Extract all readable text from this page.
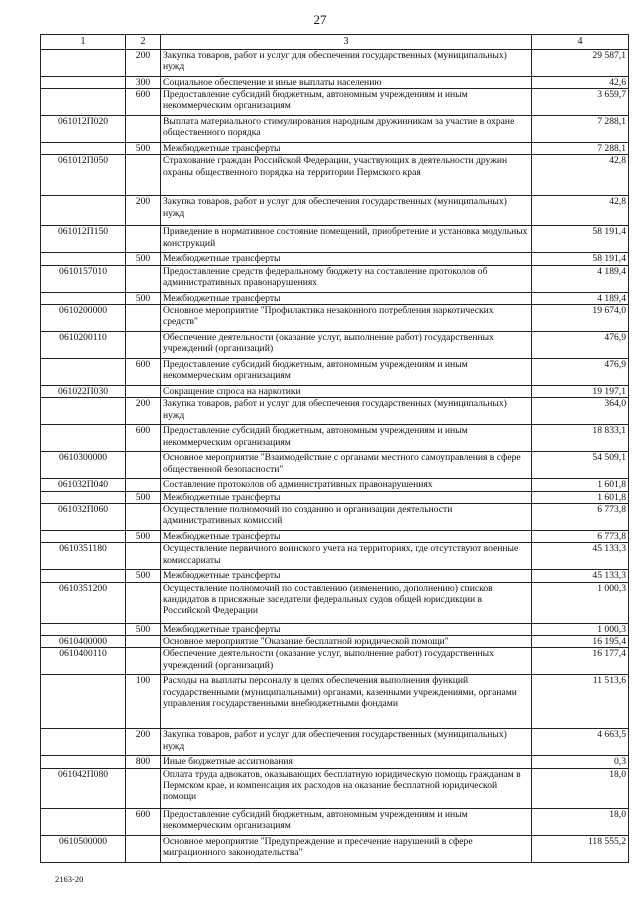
27
1	2	3	4
	200	Закупка товаров, работ и услуг для обеспечения государственных (муниципальных) нужд	29 587,1
	300	Социальное обеспечение и иные выплаты населению	42,6
	600	Предоставление субсидий бюджетным, автономным учреждениям и иным некоммерческим организациям	3 659,7
061012П020		Выплата материального стимулирования народным дружинникам за участие в охране общественного порядка	7 288,1
	500	Межбюджетные трансферты	7 288,1
061012П050		Страхование граждан Российской Федерации, участвующих в деятельности дружин охраны общественного порядка на территории Пермского края	42,8
	200	Закупка товаров, работ и услуг для обеспечения государственных (муниципальных) нужд	42,8
061012П150		Приведение в нормативное состояние помещений, приобретение и установка модульных конструкций	58 191,4
	500	Межбюджетные трансферты	58 191,4
0610157010		Предоставление средств федеральному бюджету на составление протоколов об административных правонарушениях	4 189,4
	500	Межбюджетные трансферты	4 189,4
0610200000		Основное мероприятие "Профилактика незаконного потребления наркотических средств"	19 674,0
0610200110		Обеспечение деятельности (оказание услуг, выполнение работ) государственных учреждений (организаций)	476,9
	600	Предоставление субсидий бюджетным, автономным учреждениям и иным некоммерческим организациям	476,9
061022П030		Сокращение спроса на наркотики	19 197,1
	200	Закупка товаров, работ и услуг для обеспечения государственных (муниципальных) нужд	364,0
	600	Предоставление субсидий бюджетным, автономным учреждениям и иным некоммерческим организациям	18 833,1
0610300000		Основное мероприятие "Взаимодействие с органами местного самоуправления в сфере общественной безопасности"	54 509,1
061032П040		Составление протоколов об административных правонарушениях	1 601,8
	500	Межбюджетные трансферты	1 601,8
061032П060		Осуществление полномочий по созданию и организации деятельности административных комиссий	6 773,8
	500	Межбюджетные трансферты	6 773,8
0610351180		Осуществление первичного воинского учета на территориях, где отсутствуют военные комиссариаты	45 133,3
	500	Межбюджетные трансферты	45 133,3
0610351200		Осуществление полномочий по составлению (изменению, дополнению) списков кандидатов в присяжные заседатели федеральных судов общей юрисдикции в Российской Федерации	1 000,3
	500	Межбюджетные трансферты	1 000,3
0610400000		Основное мероприятие "Оказание бесплатной юридической помощи"	16 195,4
0610400110		Обеспечение деятельности (оказание услуг, выполнение работ) государственных учреждений (организаций)	16 177,4
	100	Расходы на выплаты персоналу в целях обеспечения выполнения функций государственными (муниципальными) органами, казенными учреждениями, органами управления государственными внебюджетными фондами	11 513,6
	200	Закупка товаров, работ и услуг для обеспечения государственных (муниципальных) нужд	4 663,5
	800	Иные бюджетные ассигнования	0,3
061042П080		Оплата труда адвокатов, оказывающих бесплатную юридическую помощь гражданам в Пермском крае, и компенсация их расходов на оказание бесплатной юридической помощи	18,0
	600	Предоставление субсидий бюджетным, автономным учреждениям и иным некоммерческим организациям	18,0
0610500000		Основное мероприятие "Предупреждение и пресечение нарушений в сфере миграционного законодательства"	118 555,2
2163-20
